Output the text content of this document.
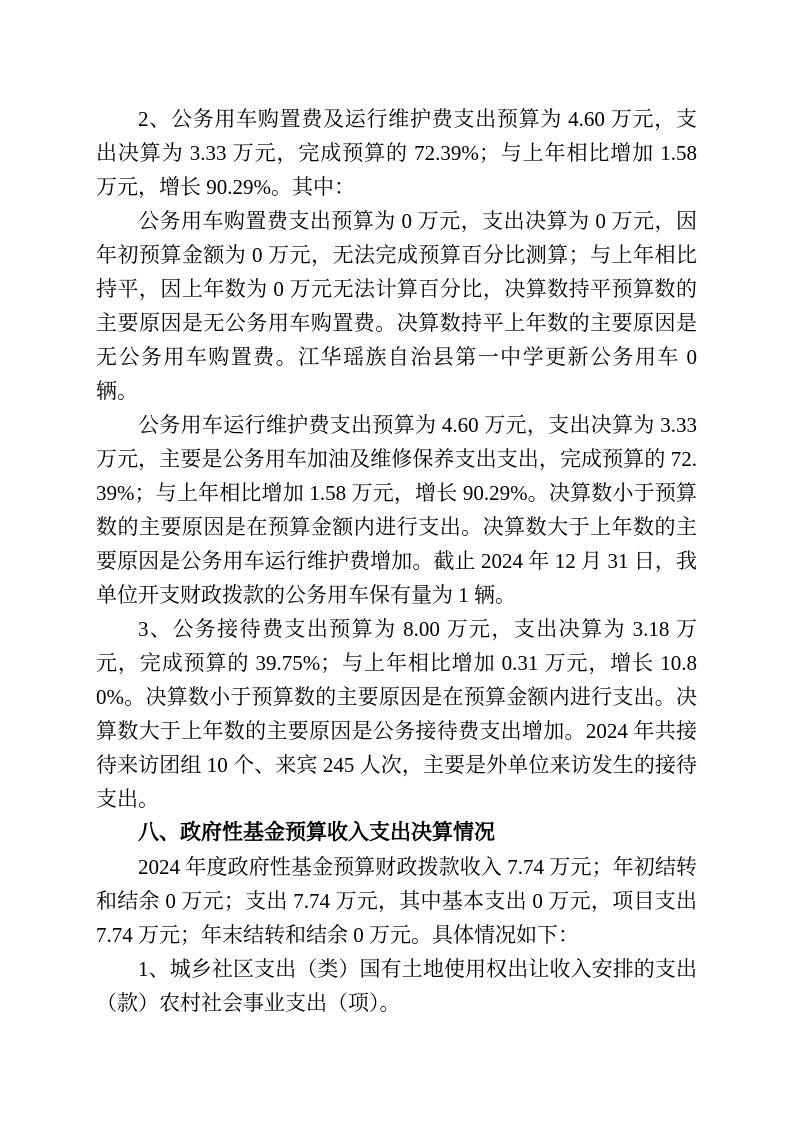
2、公务用车购置费及运行维护费支出预算为 4.60 万元，支出决算为 3.33 万元，完成预算的 72.39%；与上年相比增加 1.58 万元，增长 90.29%。其中：

公务用车购置费支出预算为 0 万元，支出决算为 0 万元，因年初预算金额为 0 万元，无法完成预算百分比测算；与上年相比持平，因上年数为 0 万元无法计算百分比，决算数持平预算数的主要原因是无公务用车购置费。决算数持平上年数的主要原因是无公务用车购置费。江华瑶族自治县第一中学更新公务用车 0 辆。

公务用车运行维护费支出预算为 4.60 万元，支出决算为 3.33 万元，主要是公务用车加油及维修保养支出支出，完成预算的 72.39%；与上年相比增加 1.58 万元，增长 90.29%。决算数小于预算数的主要原因是在预算金额内进行支出。决算数大于上年数的主要原因是公务用车运行维护费增加。截止 2024 年 12 月 31 日，我单位开支财政拨款的公务用车保有量为 1 辆。

3、公务接待费支出预算为 8.00 万元，支出决算为 3.18 万元，完成预算的 39.75%；与上年相比增加 0.31 万元，增长 10.80%。决算数小于预算数的主要原因是在预算金额内进行支出。决算数大于上年数的主要原因是公务接待费支出增加。2024 年共接待来访团组 10 个、来宾 245 人次，主要是外单位来访发生的接待支出。

八、政府性基金预算收入支出决算情况

2024 年度政府性基金预算财政拨款收入 7.74 万元；年初结转和结余 0 万元；支出 7.74 万元，其中基本支出 0 万元，项目支出 7.74 万元；年末结转和结余 0 万元。具体情况如下：

1、城乡社区支出（类）国有土地使用权出让收入安排的支出（款）农村社会事业支出（项）。
